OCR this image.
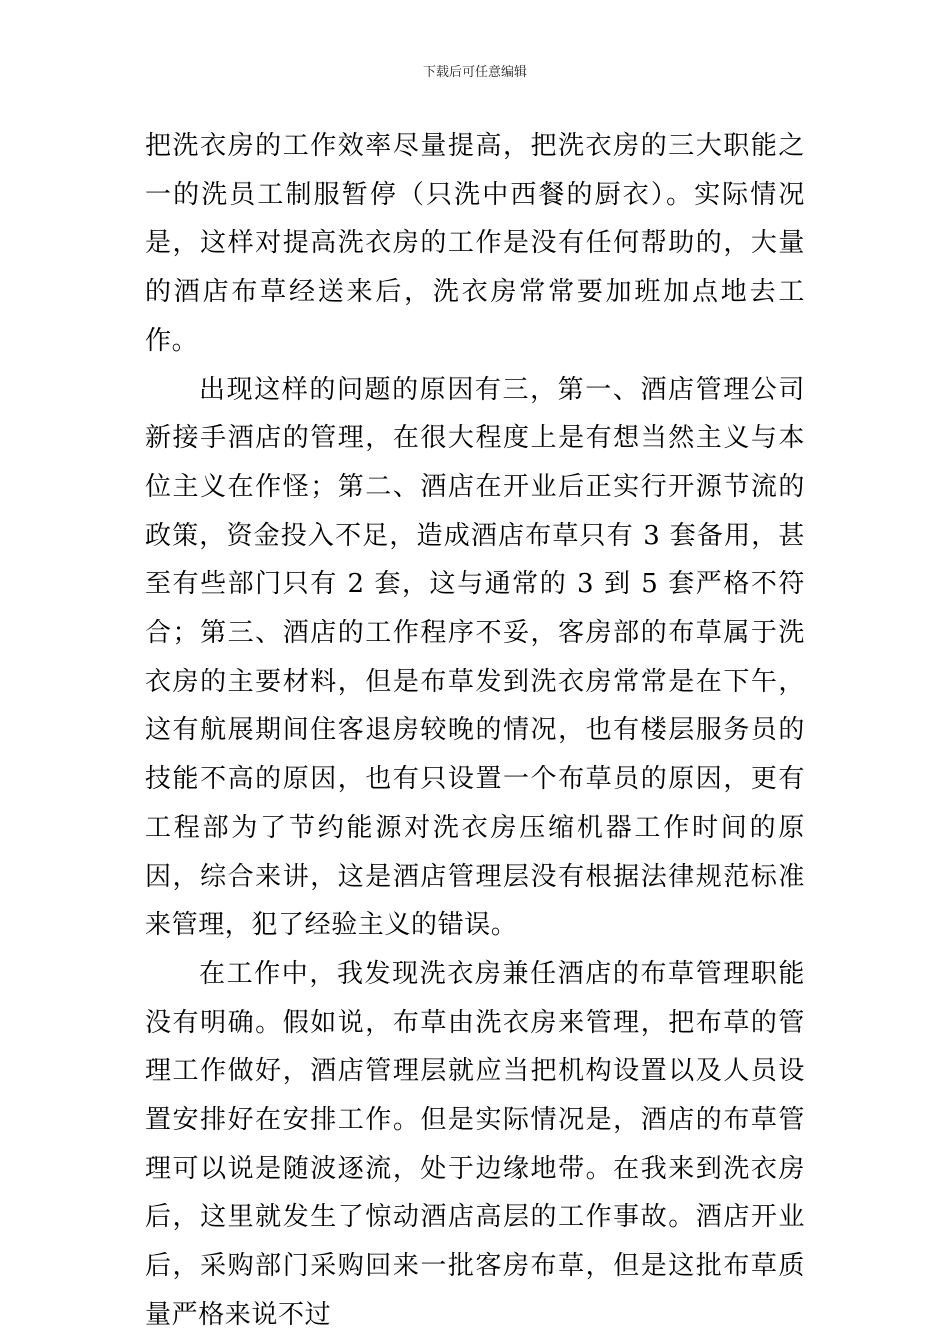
下载后可任意编辑

把洗衣房的工作效率尽量提高，把洗衣房的三大职能之一的洗员工制服暂停（只洗中西餐的厨衣）。实际情况是，这样对提高洗衣房的工作是没有任何帮助的，大量的酒店布草经送来后，洗衣房常常要加班加点地去工作。

出现这样的问题的原因有三，第一、酒店管理公司新接手酒店的管理，在很大程度上是有想当然主义与本位主义在作怪；第二、酒店在开业后正实行开源节流的政策，资金投入不足，造成酒店布草只有 3 套备用，甚至有些部门只有 2 套，这与通常的 3 到 5 套严格不符合；第三、酒店的工作程序不妥，客房部的布草属于洗衣房的主要材料，但是布草发到洗衣房常常是在下午，这有航展期间住客退房较晚的情况，也有楼层服务员的技能不高的原因，也有只设置一个布草员的原因，更有工程部为了节约能源对洗衣房压缩机器工作时间的原因，综合来讲，这是酒店管理层没有根据法律规范标准来管理，犯了经验主义的错误。

在工作中，我发现洗衣房兼任酒店的布草管理职能没有明确。假如说，布草由洗衣房来管理，把布草的管理工作做好，酒店管理层就应当把机构设置以及人员设置安排好在安排工作。但是实际情况是，酒店的布草管理可以说是随波逐流，处于边缘地带。在我来到洗衣房后，这里就发生了惊动酒店高层的工作事故。酒店开业后，采购部门采购回来一批客房布草，但是这批布草质量严格来说不过
